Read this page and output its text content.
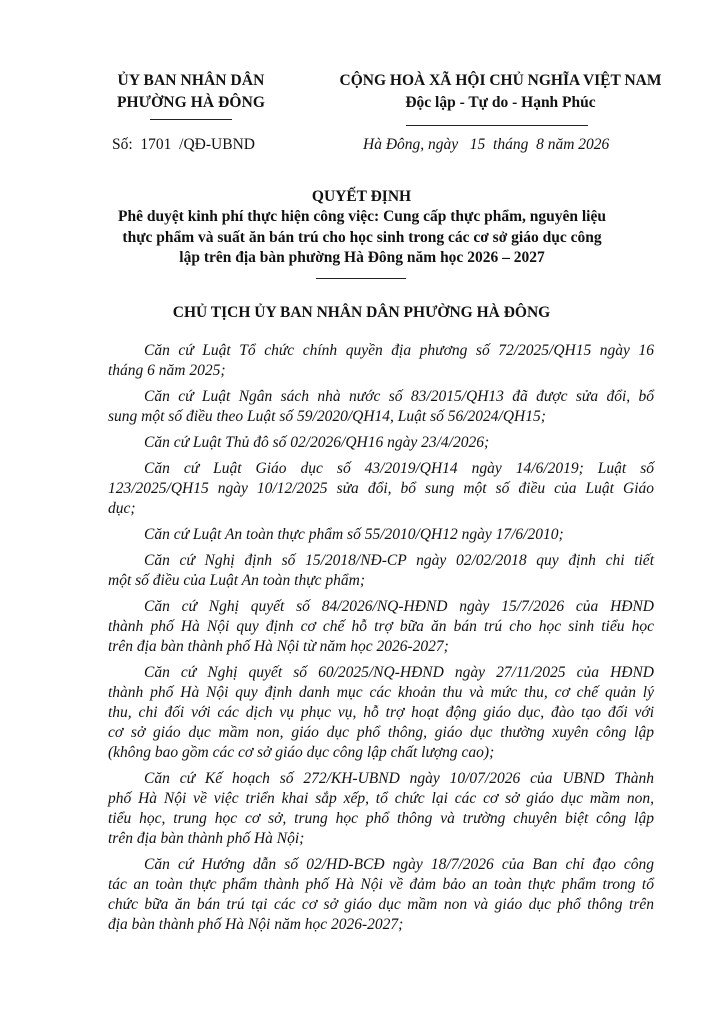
ỦY BAN NHÂN DÂN
PHƯỜNG HÀ ĐÔNG
CỘNG HOÀ XÃ HỘI CHỦ NGHĨA VIỆT NAM
Độc lập - Tự do - Hạnh Phúc
Số:  1701  /QĐ-UBND	Hà Đông, ngày   15  tháng  8 năm 2026
QUYẾT ĐỊNH
Phê duyệt kinh phí thực hiện công việc: Cung cấp thực phẩm, nguyên liệu
thực phẩm và suất ăn bán trú cho học sinh trong các cơ sở giáo dục công
lập trên địa bàn phường Hà Đông năm học 2026 – 2027
CHỦ TỊCH ỦY BAN NHÂN DÂN PHƯỜNG HÀ ĐÔNG

Căn cứ Luật Tổ chức chính quyền địa phương số 72/2025/QH15 ngày 16
tháng 6 năm 2025;

Căn cứ Luật Ngân sách nhà nước số 83/2015/QH13 đã được sửa đổi, bổ
sung một số điều theo Luật số 59/2020/QH14, Luật số 56/2024/QH15;

Căn cứ Luật Thủ đô số 02/2026/QH16 ngày 23/4/2026;

Căn cứ Luật Giáo dục số 43/2019/QH14 ngày 14/6/2019; Luật số
123/2025/QH15 ngày 10/12/2025 sửa đổi, bổ sung một số điều của Luật Giáo
dục;

Căn cứ Luật An toàn thực phẩm số 55/2010/QH12 ngày 17/6/2010;

Căn cứ Nghị định số 15/2018/NĐ-CP ngày 02/02/2018 quy định chi tiết
một số điều của Luật An toàn thực phẩm;

Căn cứ Nghị quyết số 84/2026/NQ-HĐND ngày 15/7/2026 của HĐND
thành phố Hà Nội quy định cơ chế hỗ trợ bữa ăn bán trú cho học sinh tiểu học
trên địa bàn thành phố Hà Nội từ năm học 2026-2027;

Căn cứ Nghị quyết số 60/2025/NQ-HĐND ngày 27/11/2025 của HĐND
thành phố Hà Nội quy định danh mục các khoản thu và mức thu, cơ chế quản lý
thu, chi đối với các dịch vụ phục vụ, hỗ trợ hoạt động giáo dục, đào tạo đối với
cơ sở giáo dục mầm non, giáo dục phổ thông, giáo dục thường xuyên công lập
(không bao gồm các cơ sở giáo dục công lập chất lượng cao);

Căn cứ Kế hoạch số 272/KH-UBND ngày 10/07/2026 của UBND Thành
phố Hà Nội về việc triển khai sắp xếp, tổ chức lại các cơ sở giáo dục mầm non,
tiểu học, trung học cơ sở, trung học phổ thông và trường chuyên biệt công lập
trên địa bàn thành phố Hà Nội;

Căn cứ Hướng dẫn số 02/HD-BCĐ ngày 18/7/2026 của Ban chỉ đạo công
tác an toàn thực phẩm thành phố Hà Nội về đảm bảo an toàn thực phẩm trong tổ
chức bữa ăn bán trú tại các cơ sở giáo dục mầm non và giáo dục phổ thông trên
địa bàn thành phố Hà Nội năm học 2026-2027;
